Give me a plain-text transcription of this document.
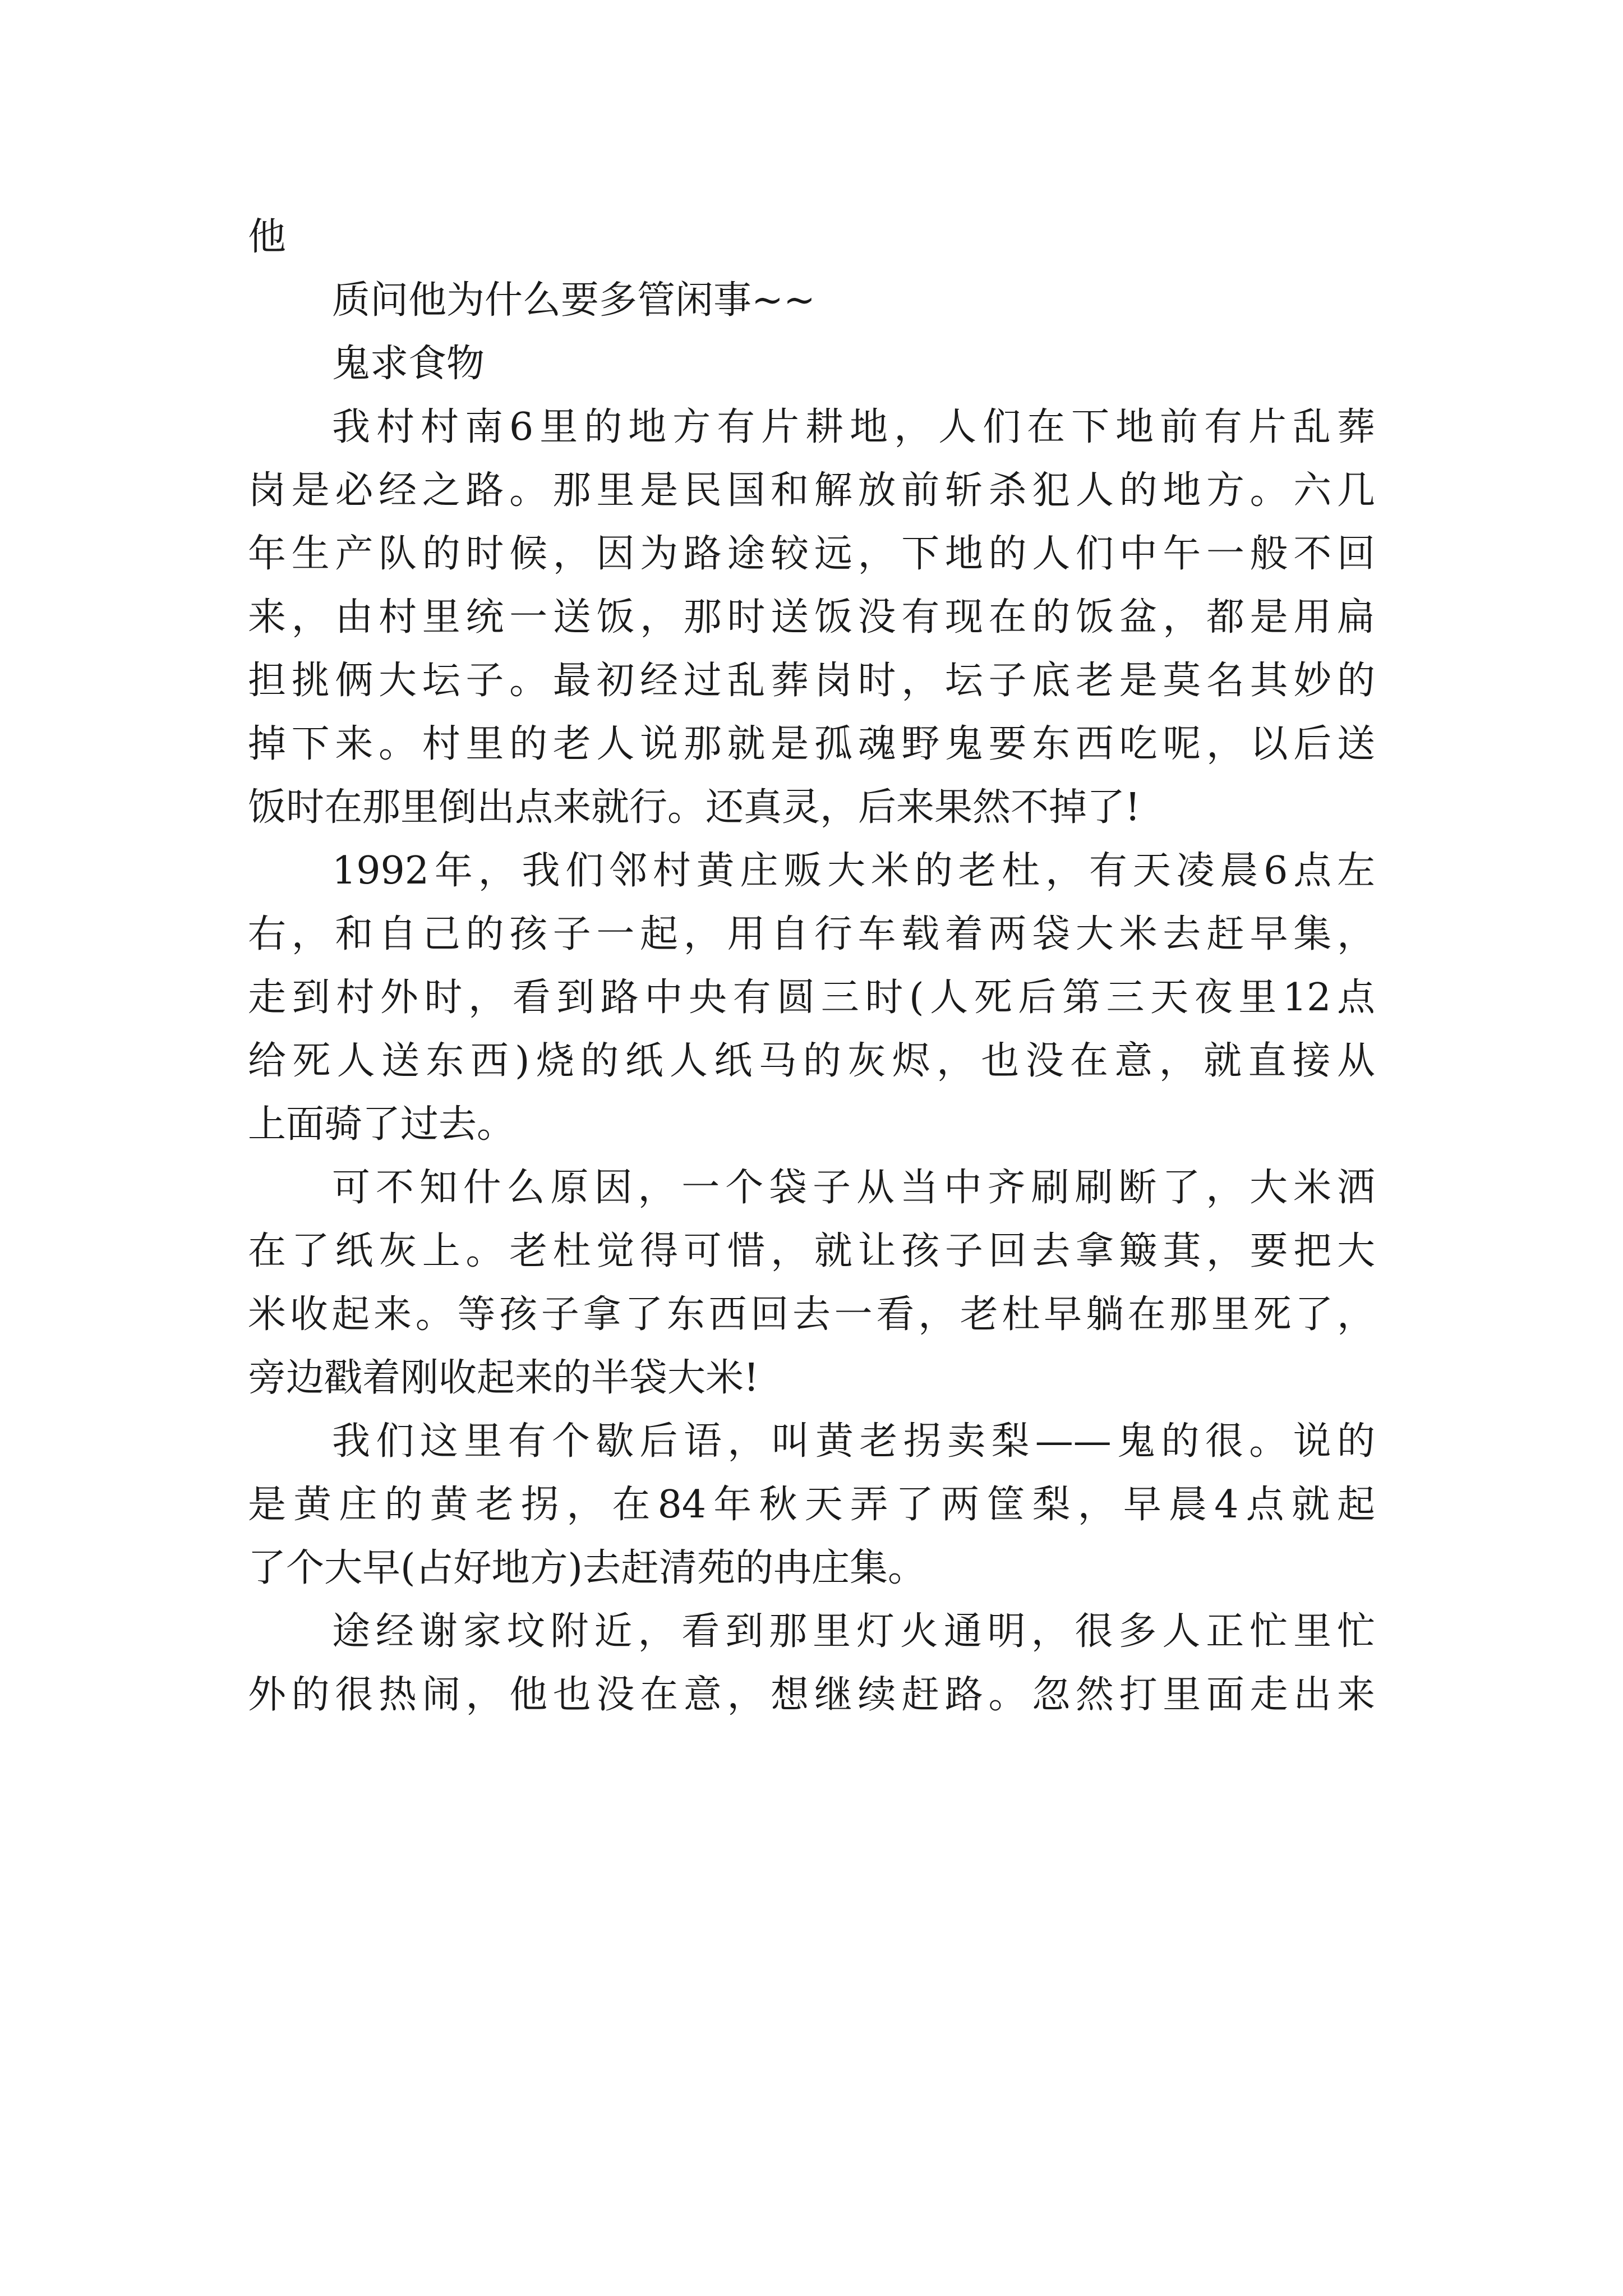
他
质问他为什么要多管闲事~~
鬼求食物
我村村南6里的地方有片耕地，人们在下地前有片乱葬
岗是必经之路。那里是民国和解放前斩杀犯人的地方。六几
年生产队的时候，因为路途较远，下地的人们中午一般不回
来，由村里统一送饭，那时送饭没有现在的饭盆，都是用扁
担挑俩大坛子。最初经过乱葬岗时，坛子底老是莫名其妙的
掉下来。村里的老人说那就是孤魂野鬼要东西吃呢，以后送
饭时在那里倒出点来就行。还真灵，后来果然不掉了!
1992年，我们邻村黄庄贩大米的老杜，有天凌晨6点左
右，和自己的孩子一起，用自行车载着两袋大米去赶早集，
走到村外时，看到路中央有圆三时(人死后第三天夜里12点
给死人送东西)烧的纸人纸马的灰烬，也没在意，就直接从
上面骑了过去。
可不知什么原因，一个袋子从当中齐刷刷断了，大米洒
在了纸灰上。老杜觉得可惜，就让孩子回去拿簸萁，要把大
米收起来。等孩子拿了东西回去一看，老杜早躺在那里死了，
旁边戳着刚收起来的半袋大米!
我们这里有个歇后语，叫黄老拐卖梨——鬼的很。说的
是黄庄的黄老拐，在84年秋天弄了两筐梨，早晨4点就起
了个大早(占好地方)去赶清苑的冉庄集。
途经谢家坟附近，看到那里灯火通明，很多人正忙里忙
外的很热闹，他也没在意，想继续赶路。忽然打里面走出来
